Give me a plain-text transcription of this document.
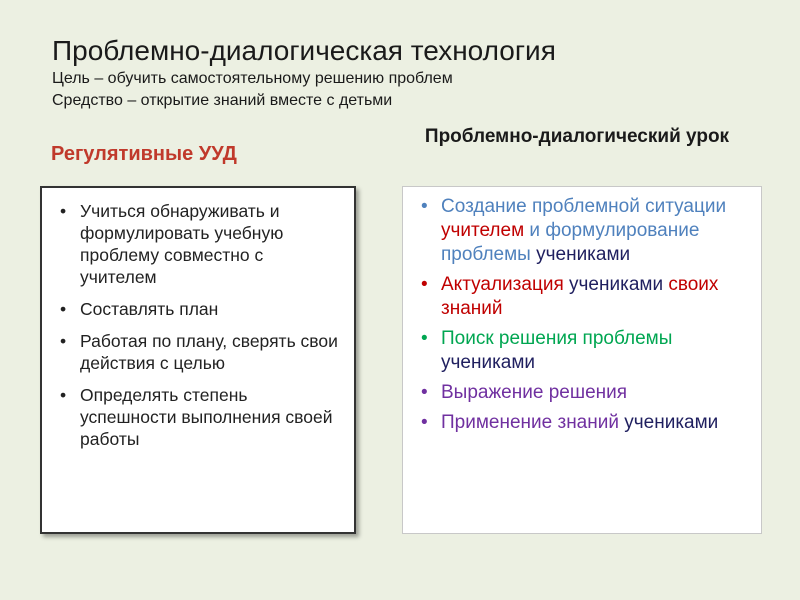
Проблемно-диалогическая технология
Цель – обучить самостоятельному решению проблем
Средство – открытие знаний вместе с детьми
Регулятивные УУД
Проблемно-диалогический урок
• Учиться обнаруживать и формулировать учебную проблему совместно с учителем
• Составлять план
• Работая по плану, сверять свои действия с целью
• Определять степень успешности выполнения своей работы
• Создание проблемной ситуации учителем и формулирование проблемы учениками
• Актуализация учениками своих знаний
• Поиск решения проблемы учениками
• Выражение решения
• Применение знаний учениками
